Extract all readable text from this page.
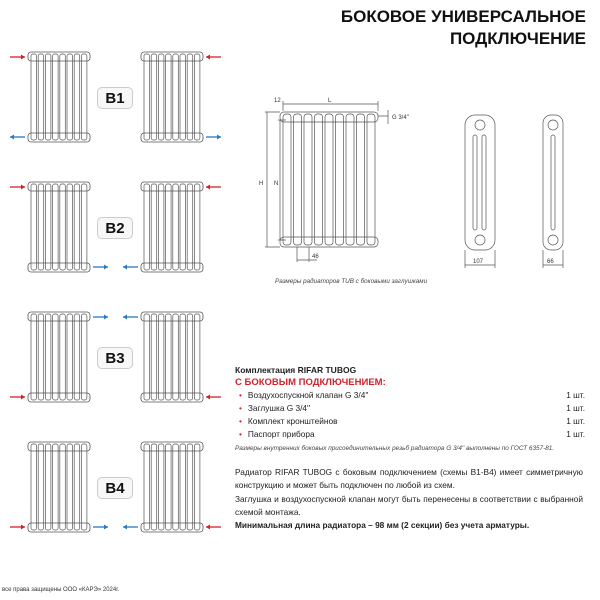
БОКОВОЕ УНИВЕРСАЛЬНОЕ
ПОДКЛЮЧЕНИЕ
B1
B2
B3
B4
12	L
G 3/4''
H N
46
107	66
Размеры радиаторов TUB с боковыми заглушками
Комплектация RIFAR TUBOG
С БОКОВЫМ ПОДКЛЮЧЕНИЕМ:
• Воздухоспускной клапан G 3/4''	1 шт.
• Заглушка G 3/4''	1 шт.
• Комплект кронштейнов	1 шт.
• Паспорт прибора	1 шт.
Размеры внутренних боковых присоединительных резьб радиатора G 3/4'' выполнены по ГОСТ 6357-81.
Радиатор RIFAR TUBOG с боковым подключением (схемы В1-В4) имеет симметричную конструкцию и может быть подключен по любой из схем.
Заглушка и воздухоспускной клапан могут быть перенесены в соответствии с выбранной схемой монтажа.
Минимальная длина радиатора – 98 мм (2 секции) без учета арматуры.
все права защищены ООО «КАРЭ» 2024г.
